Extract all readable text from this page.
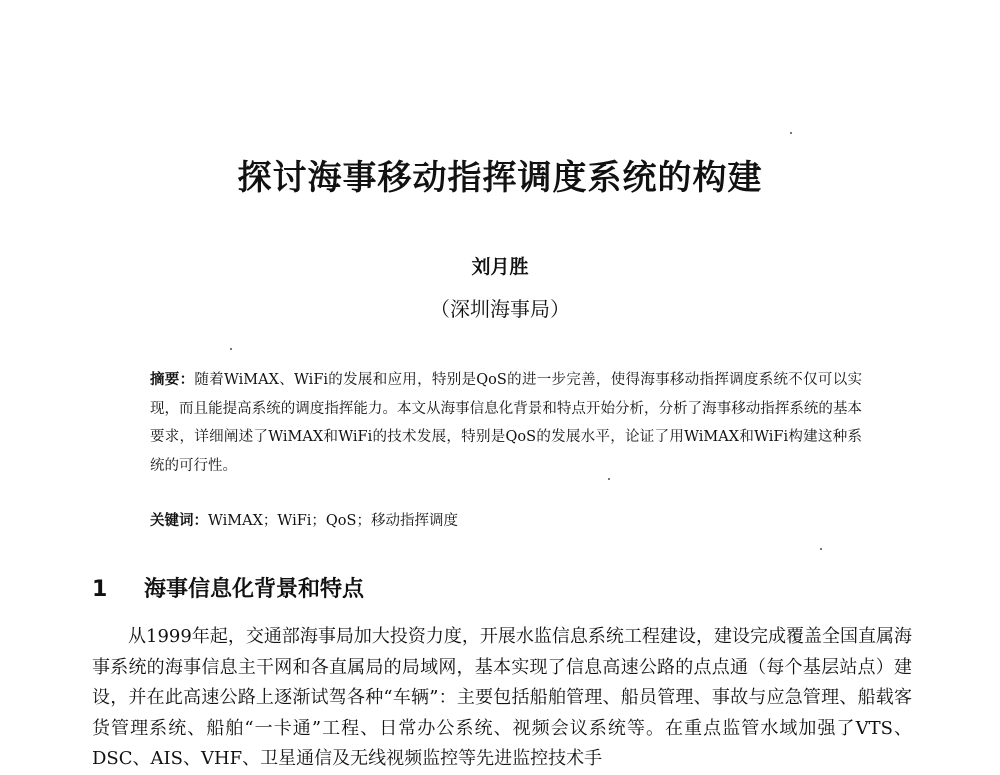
探讨海事移动指挥调度系统的构建
刘月胜
（深圳海事局）
摘要：随着WiMAX、WiFi的发展和应用，特别是QoS的进一步完善，使得海事移动指挥调度系统不仅可以实现，而且能提高系统的调度指挥能力。本文从海事信息化背景和特点开始分析，分析了海事移动指挥系统的基本要求，详细阐述了WiMAX和WiFi的技术发展，特别是QoS的发展水平，论证了用WiMAX和WiFi构建这种系统的可行性。
关键词：WiMAX；WiFi；QoS；移动指挥调度
1 海事信息化背景和特点
从1999年起，交通部海事局加大投资力度，开展水监信息系统工程建设，建设完成覆盖全国直属海事系统的海事信息主干网和各直属局的局域网，基本实现了信息高速公路的点点通（每个基层站点）建设，并在此高速公路上逐渐试驾各种“车辆”：主要包括船舶管理、船员管理、事故与应急管理、船载客货管理系统、船舶“一卡通”工程、日常办公系统、视频会议系统等。在重点监管水域加强了VTS、DSC、AIS、VHF、卫星通信及无线视频监控等先进监控技术手
